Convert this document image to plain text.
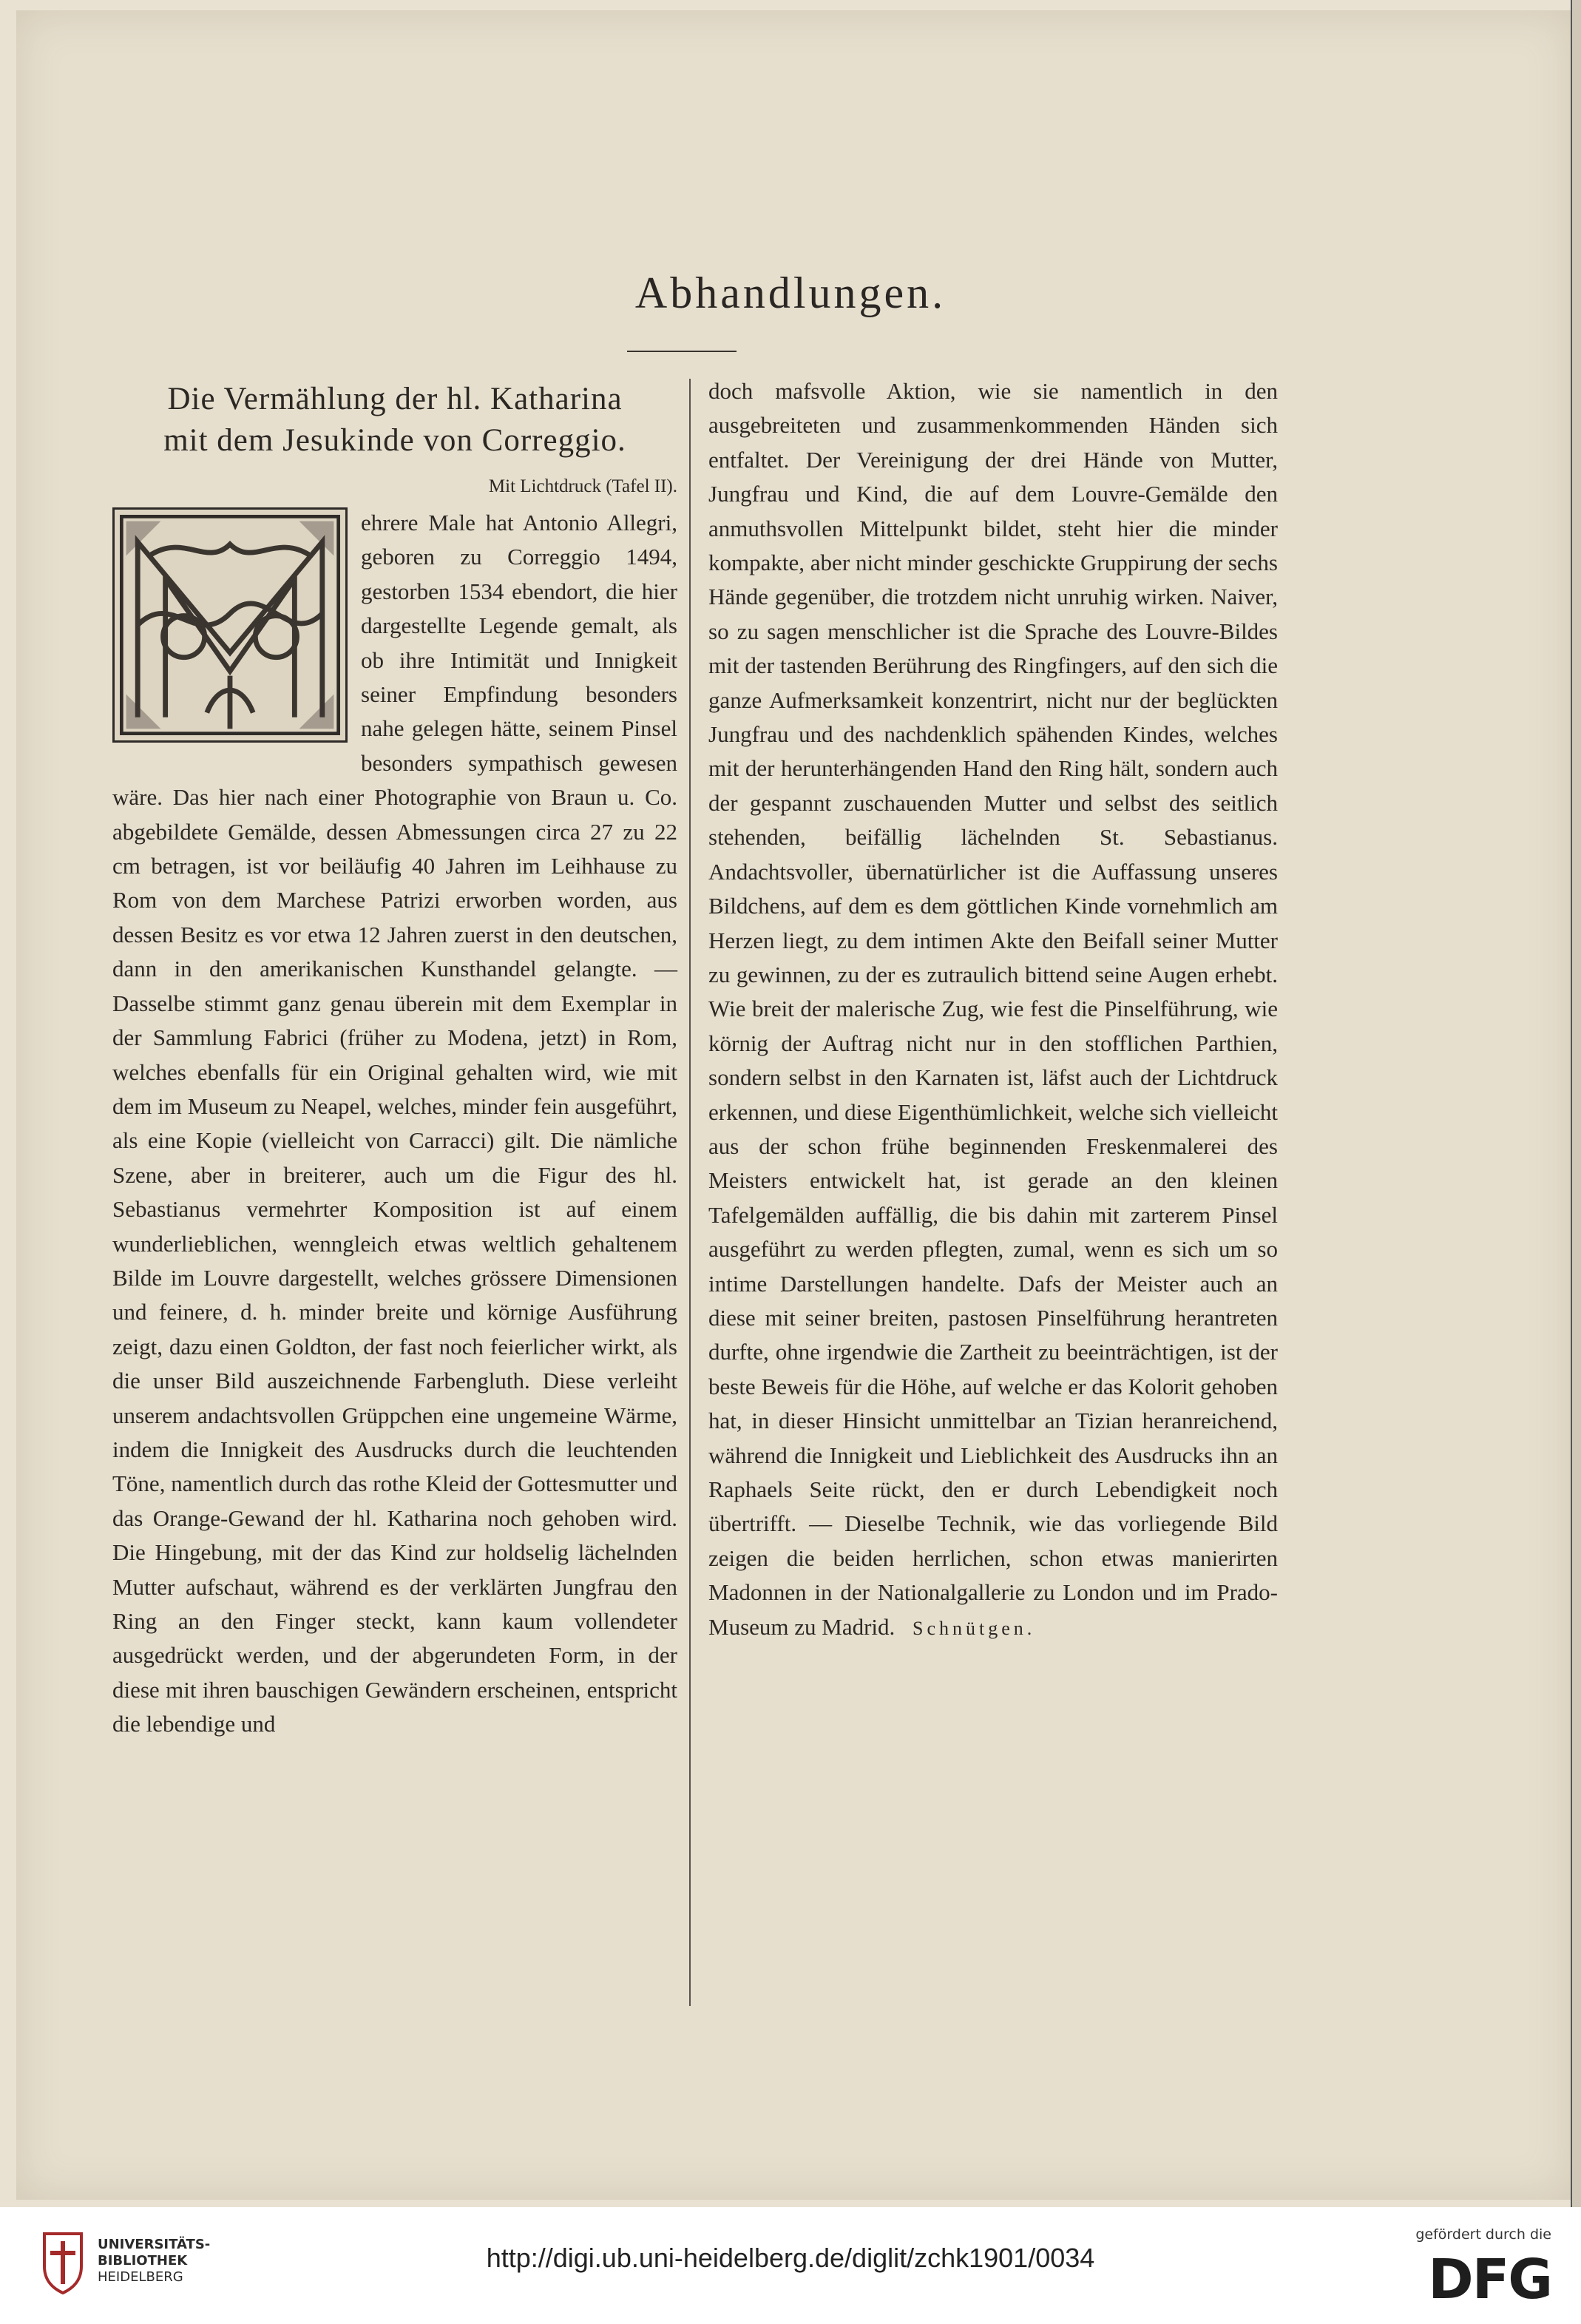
Abhandlungen.
Die Vermählung der hl. Katharina
mit dem Jesukinde von Correggio.
Mit Lichtdruck (Tafel II).

ehrere Male hat Antonio Allegri, geboren zu Correggio 1494, gestorben 1534 ebendort, die hier dargestellte Legende gemalt, als ob ihre Intimität und Innigkeit seiner Empfindung besonders nahe gelegen hätte, seinem Pinsel besonders sympathisch gewesen wäre. Das hier nach einer Photographie von Braun u. Co. abgebildete Gemälde, dessen Abmessungen circa 27 zu 22 cm betragen, ist vor beiläufig 40 Jahren im Leihhause zu Rom von dem Marchese Patrizi erworben worden, aus dessen Besitz es vor etwa 12 Jahren zuerst in den deutschen, dann in den amerikanischen Kunsthandel gelangte. — Dasselbe stimmt ganz genau überein mit dem Exemplar in der Sammlung Fabrici (früher zu Modena, jetzt) in Rom, welches ebenfalls für ein Original gehalten wird, wie mit dem im Museum zu Neapel, welches, minder fein ausgeführt, als eine Kopie (vielleicht von Carracci) gilt. Die nämliche Szene, aber in breiterer, auch um die Figur des hl. Sebastianus vermehrter Komposition ist auf einem wunderlieblichen, wenngleich etwas weltlich gehaltenem Bilde im Louvre dargestellt, welches grössere Dimensionen und feinere, d. h. minder breite und körnige Ausführung zeigt, dazu einen Goldton, der fast noch feierlicher wirkt, als die unser Bild auszeichnende Farbengluth. Diese verleiht unserem andachtsvollen Grüppchen eine ungemeine Wärme, indem die Innigkeit des Ausdrucks durch die leuchtenden Töne, namentlich durch das rothe Kleid der Gottesmutter und das Orange-Gewand der hl. Katharina noch gehoben wird. Die Hingebung, mit der das Kind zur holdselig lächelnden Mutter aufschaut, während es der verklärten Jungfrau den Ring an den Finger steckt, kann kaum vollendeter ausgedrückt werden, und der abgerundeten Form, in der diese mit ihren bauschigen Gewändern erscheinen, entspricht die lebendige und

doch mafsvolle Aktion, wie sie namentlich in den ausgebreiteten und zusammenkommenden Händen sich entfaltet. Der Vereinigung der drei Hände von Mutter, Jungfrau und Kind, die auf dem Louvre-Gemälde den anmuthsvollen Mittelpunkt bildet, steht hier die minder kompakte, aber nicht minder geschickte Gruppirung der sechs Hände gegenüber, die trotzdem nicht unruhig wirken. Naiver, so zu sagen menschlicher ist die Sprache des Louvre-Bildes mit der tastenden Berührung des Ringfingers, auf den sich die ganze Aufmerksamkeit konzentrirt, nicht nur der beglückten Jungfrau und des nachdenklich spähenden Kindes, welches mit der herunterhängenden Hand den Ring hält, sondern auch der gespannt zuschauenden Mutter und selbst des seitlich stehenden, beifällig lächelnden St. Sebastianus. Andachtsvoller, übernatürlicher ist die Auffassung unseres Bildchens, auf dem es dem göttlichen Kinde vornehmlich am Herzen liegt, zu dem intimen Akte den Beifall seiner Mutter zu gewinnen, zu der es zutraulich bittend seine Augen erhebt. Wie breit der malerische Zug, wie fest die Pinselführung, wie körnig der Auftrag nicht nur in den stofflichen Parthien, sondern selbst in den Karnaten ist, läfst auch der Lichtdruck erkennen, und diese Eigenthümlichkeit, welche sich vielleicht aus der schon frühe beginnenden Freskenmalerei des Meisters entwickelt hat, ist gerade an den kleinen Tafelgemälden auffällig, die bis dahin mit zarterem Pinsel ausgeführt zu werden pflegten, zumal, wenn es sich um so intime Darstellungen handelte. Dafs der Meister auch an diese mit seiner breiten, pastosen Pinselführung herantreten durfte, ohne irgendwie die Zartheit zu beeinträchtigen, ist der beste Beweis für die Höhe, auf welche er das Kolorit gehoben hat, in dieser Hinsicht unmittelbar an Tizian heranreichend, während die Innigkeit und Lieblichkeit des Ausdrucks ihn an Raphaels Seite rückt, den er durch Lebendigkeit noch übertrifft. — Dieselbe Technik, wie das vorliegende Bild zeigen die beiden herrlichen, schon etwas manierirten Madonnen in der Nationalgallerie zu London und im Prado-Museum zu Madrid. Schnütgen.

UNIVERSITÄTS-
BIBLIOTHEK
HEIDELBERG
http://digi.ub.uni-heidelberg.de/diglit/zchk1901/0034
gefördert durch die
DFG
